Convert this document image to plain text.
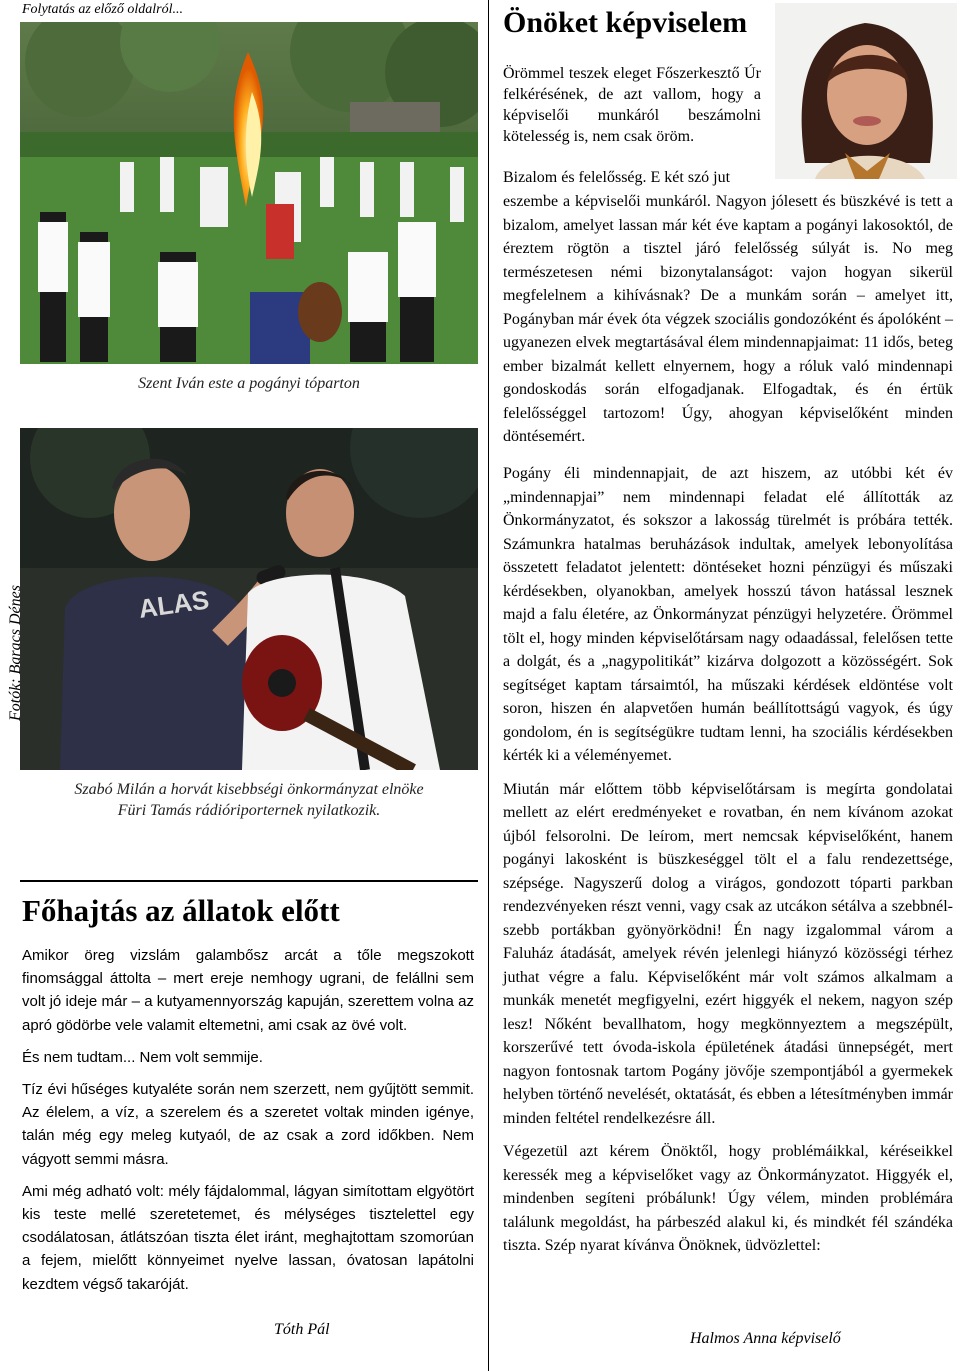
Folytatás az előző oldalról...
Szent Iván este a pogányi tóparton
ALAS
Szabó Milán a horvát kisebbségi önkormányzat elnöke
Füri Tamás rádióriporternek nyilatkozik.
Fotók: Baracs Dénes
Főhajtás az állatok előtt

Amikor öreg vizslám galambősz arcát a tőle megszokott finomsággal áttolta – mert ereje nemhogy ugrani, de felállni sem volt jó ideje már – a kutyamennyország kapuján, szerettem volna az apró gödörbe vele valamit eltemetni, ami csak az övé volt.

És nem tudtam... Nem volt semmije.

Tíz évi hűséges kutyaléte során nem szerzett, nem gyűjtött semmit. Az élelem, a víz, a szerelem és a szeretet voltak minden igénye, talán még egy meleg kutyaól, de az csak a zord időkben. Nem vágyott semmi másra.

Ami még adható volt: mély fájdalommal, lágyan simítottam elgyötört kis teste mellé szeretetemet, és mélységes tisztelettel egy csodálatosan, átlátszóan tiszta élet iránt, meghajtottam szomorúan a fejem, mielőtt könnyeimet nyelve lassan, óvatosan lapátolni kezdtem végső takaróját.

Tóth Pál
Önöket képviselem
Örömmel teszek eleget Főszerkesztő Úr felkérésének, de azt vallom, hogy a képviselői munkáról beszámolni kötelesség is, nem csak öröm.
Bizalom és felelősség. E két szó jut
eszembe a képviselői munkáról. Nagyon jólesett és büszkévé is tett a bizalom, amelyet lassan már két éve kaptam a pogányi lakosoktól, de éreztem rögtön a tisztel járó felelősség súlyát is. No meg természetesen némi bizonytalanságot: vajon hogyan sikerül megfelelnem a kihívásnak? De a munkám során – amelyet itt, Pogányban már évek óta végzek szociális gondozóként és ápolóként – ugyanezen elvek megtartásával élem mindennapjaimat: 11 idős, beteg ember bizalmát kellett elnyernem, hogy a róluk való mindennapi gondoskodás során elfogadjanak. Elfogadtak, és én értük felelősséggel tartozom! Úgy, ahogyan képviselőként minden döntésemért.

Pogány éli mindennapjait, de azt hiszem, az utóbbi két év „mindennapjai” nem mindennapi feladat elé állították az Önkormányzatot, és sokszor a lakosság türelmét is próbára tették. Számunkra hatalmas beruházások indultak, amelyek lebonyolítása összetett feladatot jelentett: döntéseket hozni pénzügyi és műszaki kérdésekben, olyanokban, amelyek hosszú távon hatással lesznek majd a falu életére, az Önkormányzat pénzügyi helyzetére. Örömmel tölt el, hogy minden képviselőtársam nagy odaadással, felelősen tette a dolgát, és a „nagypolitikát” kizárva dolgozott a közösségért. Sok segítséget kaptam társaimtól, ha műszaki kérdések eldöntése volt soron, hiszen én alapvetően humán beállítottságú vagyok, és úgy gondolom, én is segítségükre tudtam lenni, ha szociális kérdésekben kérték ki a véleményemet.

Miután már előttem több képviselőtársam is megírta gondolatai mellett az elért eredményeket e rovatban, én nem kívánom azokat újból felsorolni. De leírom, mert nemcsak képviselőként, hanem pogányi lakosként is büszkeséggel tölt el a falu rendezettsége, szépsége. Nagyszerű dolog a virágos, gondozott tóparti parkban rendezvényeken részt venni, vagy csak az utcákon sétálva a szebbnél-szebb portákban gyönyörködni! Én nagy izgalommal várom a Faluház átadását, amelyek révén jelenlegi hiányzó közösségi térhez juthat végre a falu. Képviselőként már volt számos alkalmam a munkák menetét megfigyelni, ezért higgyék el nekem, nagyon szép lesz! Nőként bevallhatom, hogy megkönnyeztem a megszépült, korszerűvé tett óvoda-iskola épületének átadási ünnepségét, mert nagyon fontosnak tartom Pogány jövője szempontjából a gyermekek helyben történő nevelését, oktatását, és ebben a létesítményben immár minden feltétel rendelkezésre áll.

Végezetül azt kérem Önöktől, hogy problémáikkal, kéréseikkel keressék meg a képviselőket vagy az Önkormányzatot. Higgyék el, mindenben segíteni próbálunk! Úgy vélem, minden problémára találunk megoldást, ha párbeszéd alakul ki, és mindkét fél szándéka tiszta. Szép nyarat kívánva Önöknek, üdvözlettel:

Halmos Anna képviselő
